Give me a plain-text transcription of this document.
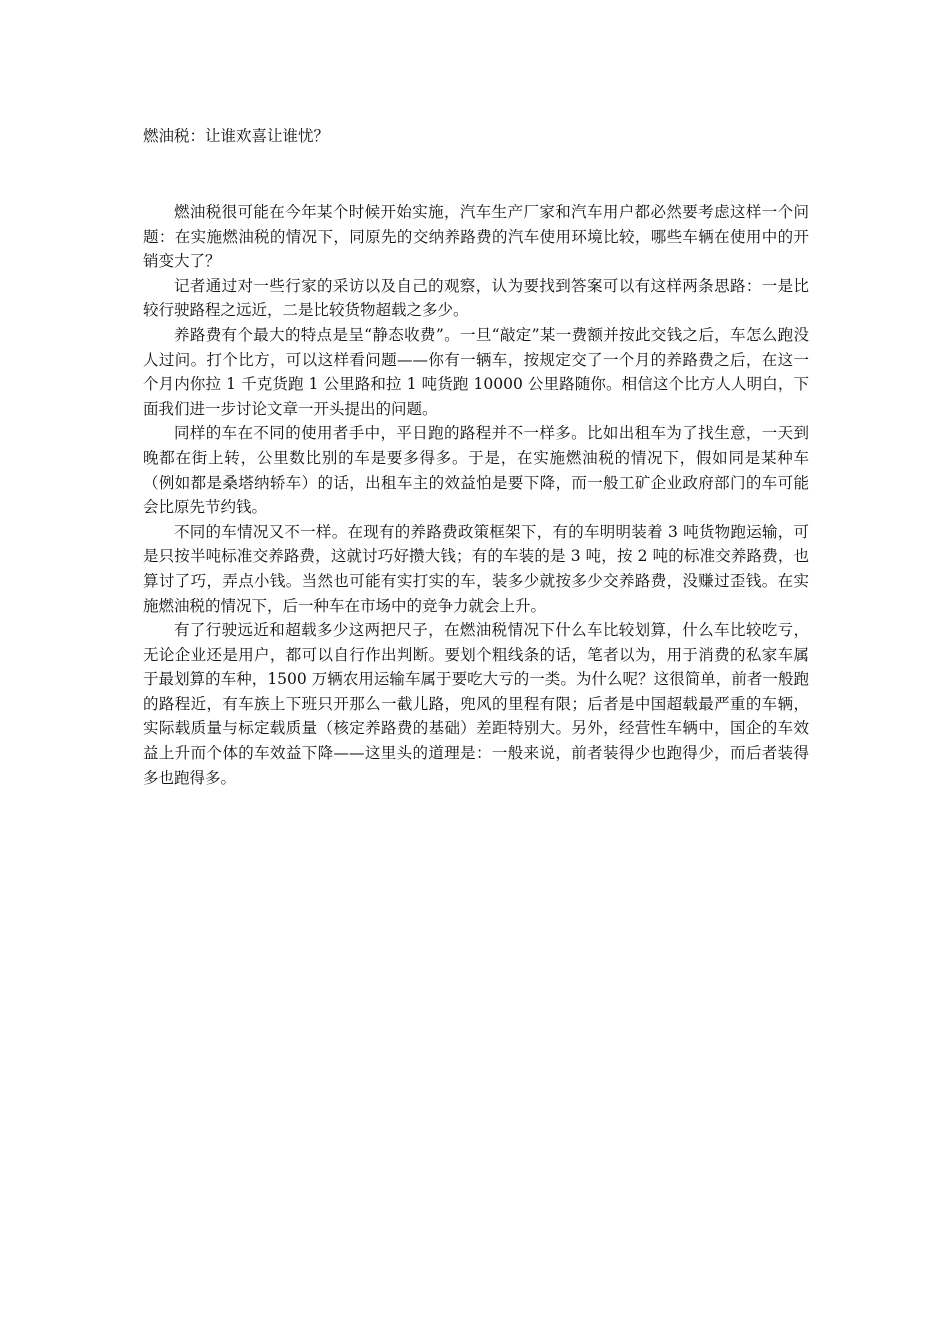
燃油税：让谁欢喜让谁忧？

燃油税很可能在今年某个时候开始实施，汽车生产厂家和汽车用户都必然要考虑这样一个问题：在实施燃油税的情况下，同原先的交纳养路费的汽车使用环境比较，哪些车辆在使用中的开销变大了？

记者通过对一些行家的采访以及自己的观察，认为要找到答案可以有这样两条思路：一是比较行驶路程之远近，二是比较货物超载之多少。

养路费有个最大的特点是呈“静态收费”。一旦“敲定”某一费额并按此交钱之后，车怎么跑没人过问。打个比方，可以这样看问题——你有一辆车，按规定交了一个月的养路费之后，在这一个月内你拉 1 千克货跑 1 公里路和拉 1 吨货跑 10000 公里路随你。相信这个比方人人明白，下面我们进一步讨论文章一开头提出的问题。

同样的车在不同的使用者手中，平日跑的路程并不一样多。比如出租车为了找生意，一天到晚都在街上转，公里数比别的车是要多得多。于是，在实施燃油税的情况下，假如同是某种车（例如都是桑塔纳轿车）的话，出租车主的效益怕是要下降，而一般工矿企业政府部门的车可能会比原先节约钱。

不同的车情况又不一样。在现有的养路费政策框架下，有的车明明装着 3 吨货物跑运输，可是只按半吨标准交养路费，这就讨巧好攒大钱；有的车装的是 3 吨，按 2 吨的标准交养路费，也算讨了巧，弄点小钱。当然也可能有实打实的车，装多少就按多少交养路费，没赚过歪钱。在实施燃油税的情况下，后一种车在市场中的竞争力就会上升。

有了行驶远近和超载多少这两把尺子，在燃油税情况下什么车比较划算，什么车比较吃亏，无论企业还是用户，都可以自行作出判断。要划个粗线条的话，笔者以为，用于消费的私家车属于最划算的车种，1500 万辆农用运输车属于要吃大亏的一类。为什么呢？这很简单，前者一般跑的路程近，有车族上下班只开那么一截儿路，兜风的里程有限；后者是中国超载最严重的车辆，实际载质量与标定载质量（核定养路费的基础）差距特别大。另外，经营性车辆中，国企的车效益上升而个体的车效益下降——这里头的道理是：一般来说，前者装得少也跑得少，而后者装得多也跑得多。
